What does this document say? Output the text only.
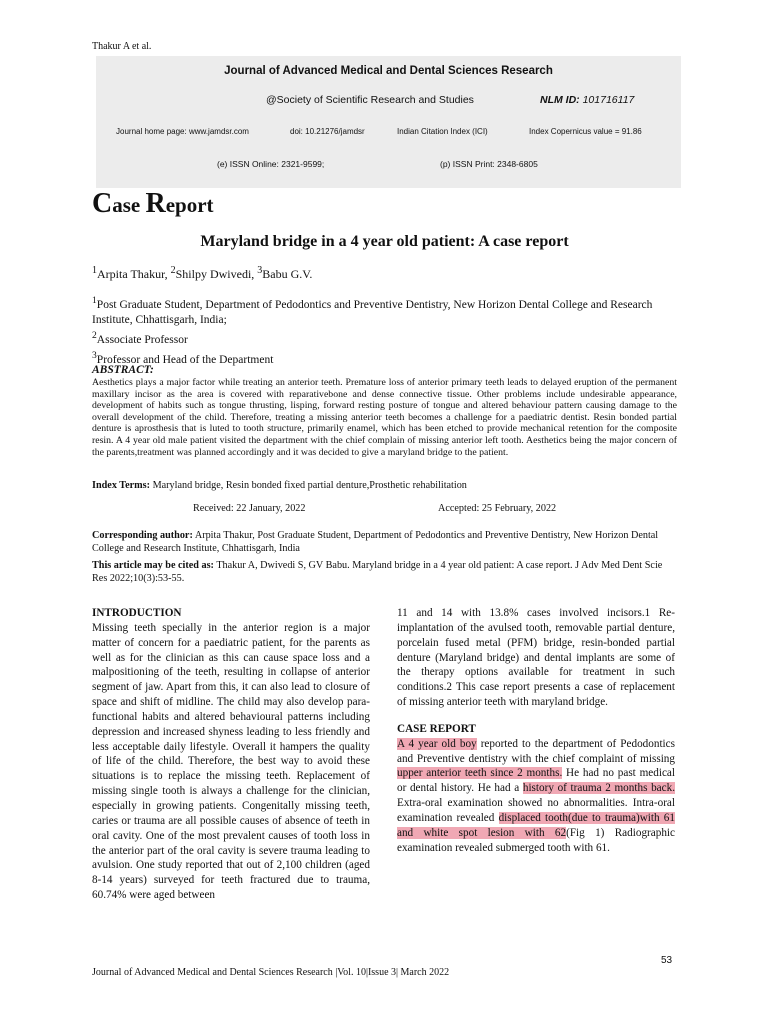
Thakur A et al.
Journal of Advanced Medical and Dental Sciences Research
@Society of Scientific Research and Studies	NLM ID: 101716117
Journal home page: www.jamdsr.com	doi: 10.21276/jamdsr	Indian Citation Index (ICI)	Index Copernicus value = 91.86
(e) ISSN Online: 2321-9599;	(p) ISSN Print: 2348-6805
Case Report
Maryland bridge in a 4 year old patient: A case report
$^1$Arpita Thakur, $^2$Shilpy Dwivedi, $^3$Babu G.V.
$^1$Post Graduate Student, Department of Pedodontics and Preventive Dentistry, New Horizon Dental College and Research Institute, Chhattisgarh, India;
$^2$Associate Professor
$^3$Professor and Head of the Department
ABSTRACT:
Aesthetics plays a major factor while treating an anterior teeth. Premature loss of anterior primary teeth leads to delayed eruption of the permanent maxillary incisor as the area is covered with reparativebone and dense connective tissue. Other problems include undesirable appearance, development of habits such as tongue thrusting, lisping, forward resting posture of tongue and altered behaviour pattern causing damage to the overall development of the child. Therefore, treating a missing anterior teeth becomes a challenge for a paediatric dentist. Resin bonded partial denture is aprosthesis that is luted to tooth structure, primarily enamel, which has been etched to provide mechanical retention for the composite resin. A 4 year old male patient visited the department with the chief complain of missing anterior left tooth. Aesthetics being the major concern of the parents,treatment was planned accordingly and it was decided to give a maryland bridge to the patient.
Index Terms: Maryland bridge, Resin bonded fixed partial denture,Prosthetic rehabilitation
Received: 22 January, 2022	Accepted: 25 February, 2022
Corresponding author: Arpita Thakur, Post Graduate Student, Department of Pedodontics and Preventive Dentistry, New Horizon Dental College and Research Institute, Chhattisgarh, India
This article may be cited as: Thakur A, Dwivedi S, GV Babu. Maryland bridge in a 4 year old patient: A case report. J Adv Med Dent Scie Res 2022;10(3):53-55.
INTRODUCTION
Missing teeth specially in the anterior region is a major matter of concern for a paediatric patient, for the parents as well as for the clinician as this can cause space loss and a malpositioning of the teeth, resulting in collapse of anterior segment of jaw. Apart from this, it can also lead to closure of space and shift of midline. The child may also develop para-functional habits and altered behavioural patterns including depression and increased shyness leading to less friendly and less acceptable daily lifestyle. Overall it hampers the quality of life of the child. Therefore, the best way to avoid these situations is to replace the missing teeth. Replacement of missing single tooth is always a challenge for the clinician, especially in growing patients. Congenitally missing teeth, caries or trauma are all possible causes of absence of teeth in oral cavity. One of the most prevalent causes of tooth loss in the anterior part of the oral cavity is severe trauma leading to avulsion. One study reported that out of 2,100 children (aged 8-14 years) surveyed for teeth fractured due to trauma, 60.74% were aged between
11 and 14 with 13.8% cases involved incisors.1 Re-implantation of the avulsed tooth, removable partial denture, porcelain fused metal (PFM) bridge, resin-bonded partial denture (Maryland bridge) and dental implants are some of the therapy options available for treatment in such conditions.2 This case report presents a case of replacement of missing anterior teeth with maryland bridge.
CASE REPORT
A 4 year old boy reported to the department of Pedodontics and Preventive dentistry with the chief complaint of missing upper anterior teeth since 2 months. He had no past medical or dental history. He had a history of trauma 2 months back. Extra-oral examination showed no abnormalities. Intra-oral examination revealed displaced tooth(due to trauma)with 61 and white spot lesion with 62(Fig 1) Radiographic examination revealed submerged tooth with 61.
53
Journal of Advanced Medical and Dental Sciences Research |Vol. 10|Issue 3| March 2022
